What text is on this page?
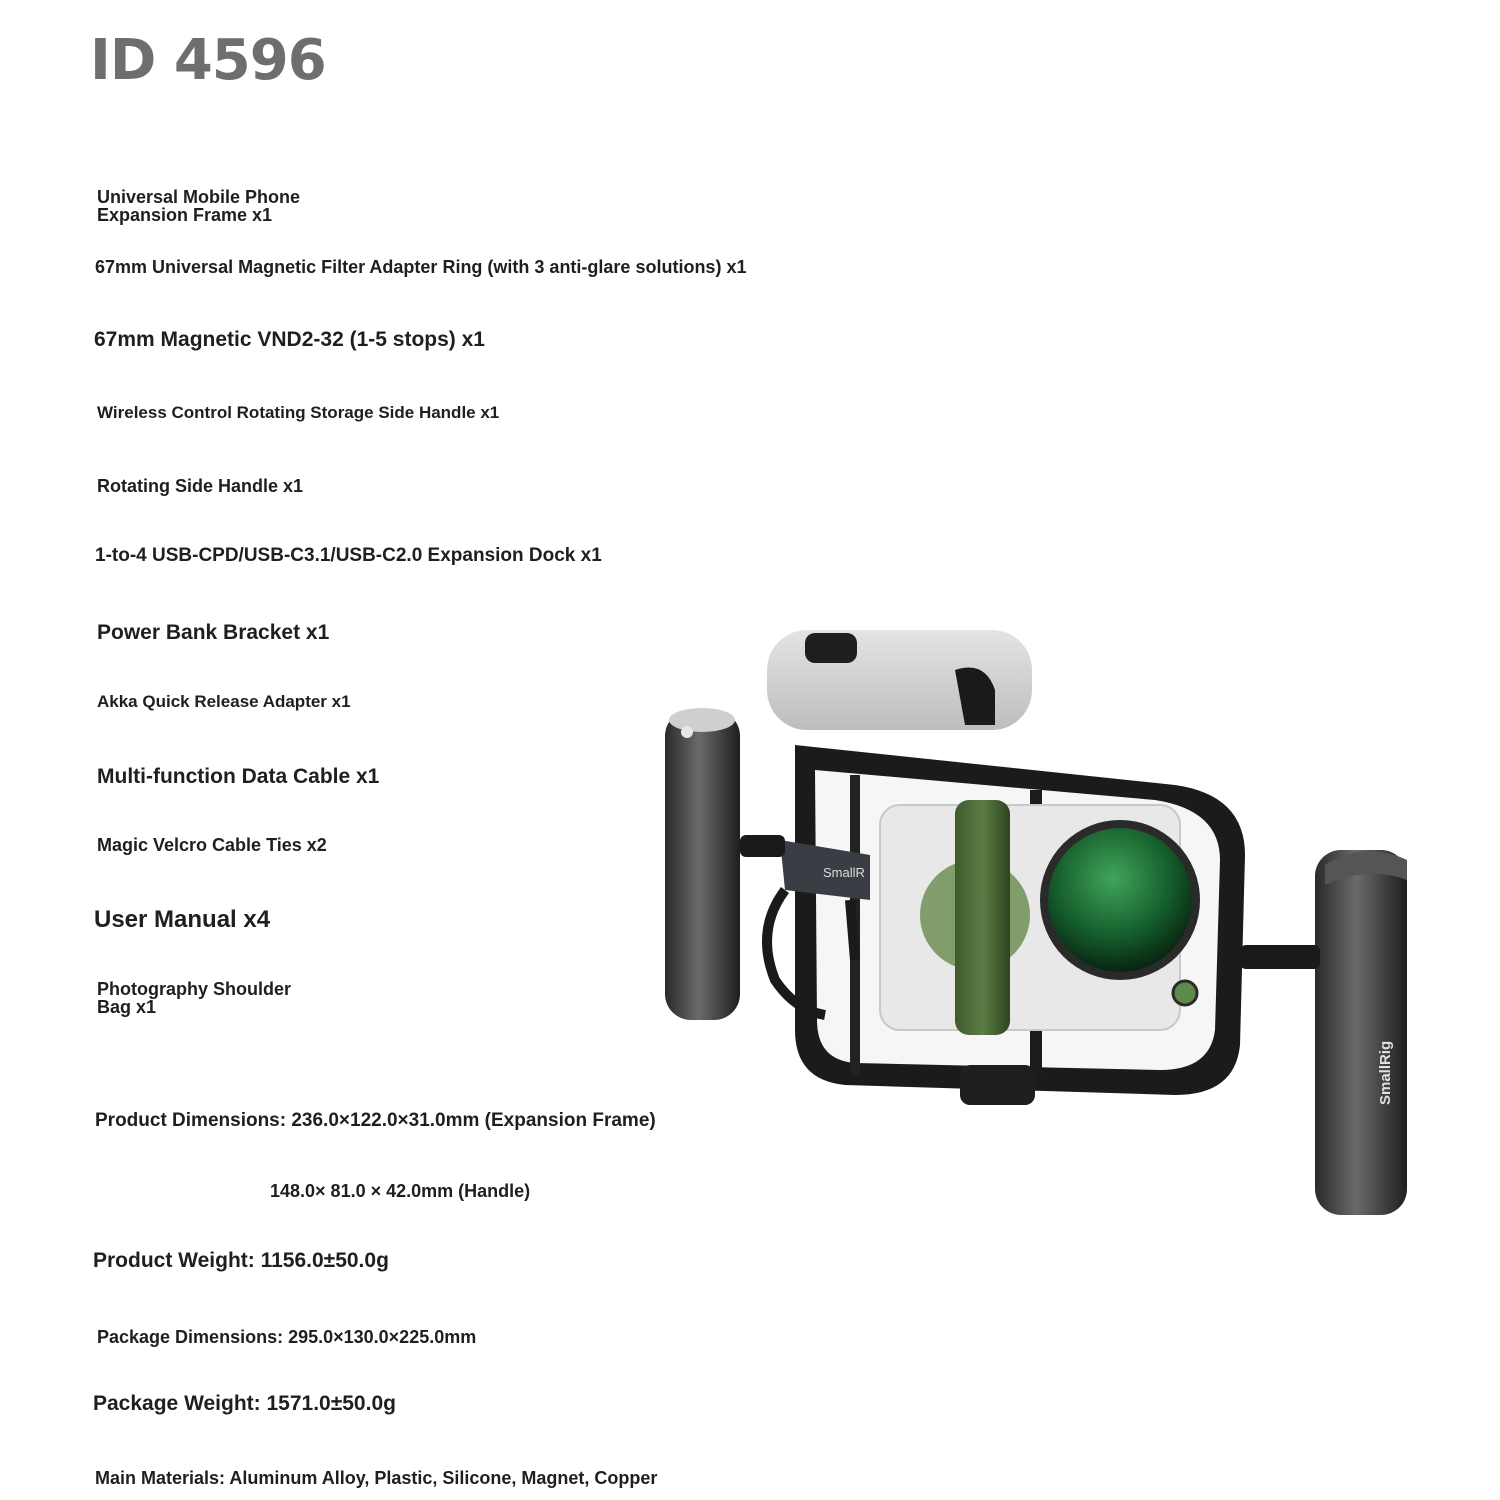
ID 4596
Universal Mobile Phone
Expansion Frame x1
67mm Universal Magnetic Filter Adapter Ring (with 3 anti-glare solutions) x1
67mm Magnetic VND2-32 (1-5 stops) x1
Wireless Control Rotating Storage Side Handle x1
Rotating Side Handle x1
1-to-4 USB-CPD/USB-C3.1/USB-C2.0 Expansion Dock x1
Power Bank Bracket x1
Akka Quick Release Adapter x1
Multi-function Data Cable x1
Magic Velcro Cable Ties x2
User Manual x4
Photography Shoulder
Bag x1
Product Dimensions: 236.0×122.0×31.0mm (Expansion Frame)
148.0× 81.0 × 42.0mm (Handle)
Product Weight: 1156.0±50.0g
Package Dimensions: 295.0×130.0×225.0mm
Package Weight: 1571.0±50.0g
Main Materials: Aluminum Alloy, Plastic, Silicone, Magnet, Copper
SmallR
SmallRig
